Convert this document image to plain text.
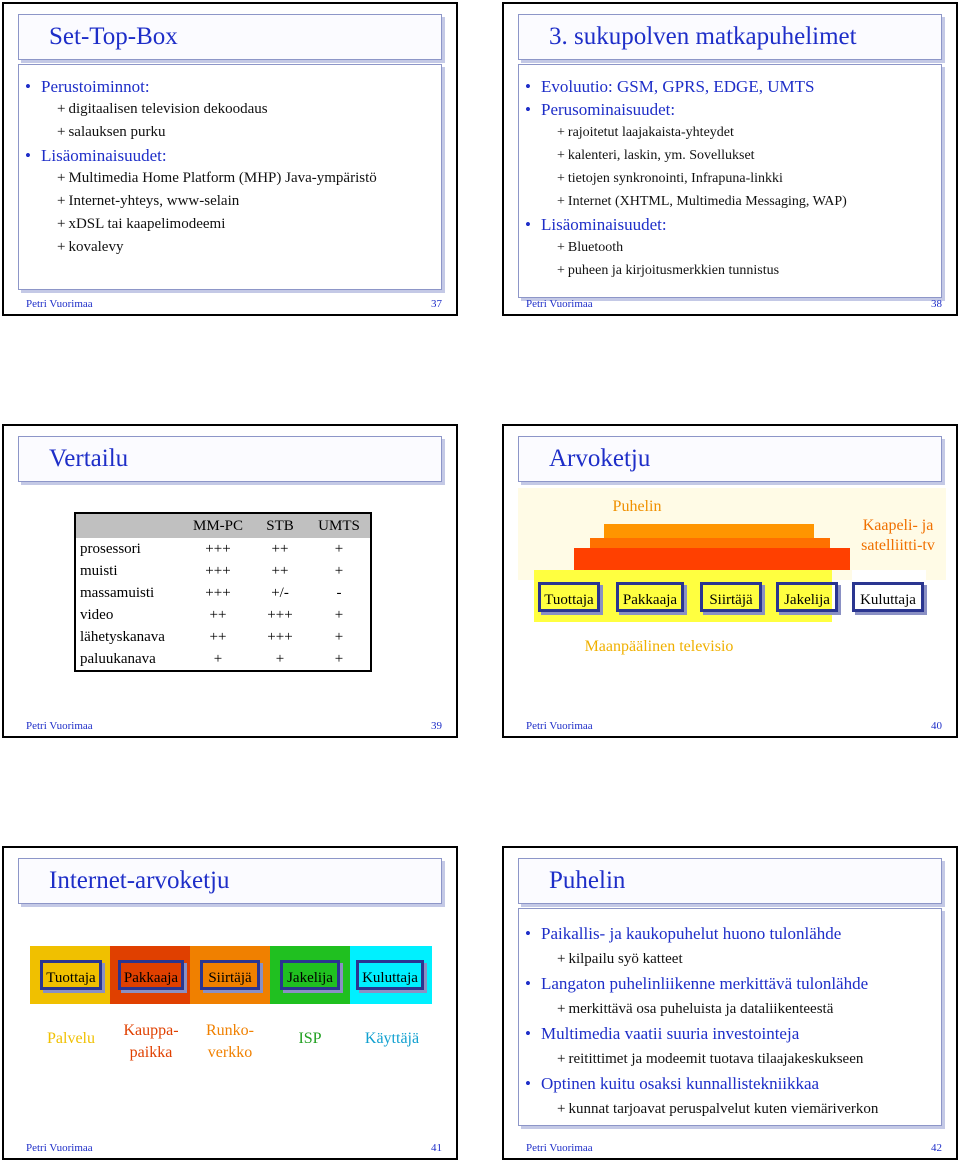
Set-Top-Box
• Perustoiminnot:
+ digitaalisen television dekoodaus
+ salauksen purku
• Lisäominaisuudet:
+ Multimedia Home Platform (MHP) Java-ympäristö
+ Internet-yhteys, www-selain
+ xDSL tai kaapelimodeemi
+ kovalevy
Petri Vuorimaa	37
3. sukupolven matkapuhelimet
• Evoluutio: GSM, GPRS, EDGE, UMTS
• Perusominaisuudet:
+ rajoitetut laajakaista-yhteydet
+ kalenteri, laskin, ym. Sovellukset
+ tietojen synkronointi, Infrapuna-linkki
+ Internet (XHTML, Multimedia Messaging, WAP)
• Lisäominaisuudet:
+ Bluetooth
+ puheen ja kirjoitusmerkkien tunnistus
Petri Vuorimaa	38
Vertailu
	MM-PC	STB	UMTS
prosessori	+++	++	+
muisti	+++	++	+
massamuisti	+++	+/-	-
video	++	+++	+
lähetyskanava	++	+++	+
paluukanava	+	+	+
Petri Vuorimaa	39
Arvoketju
Puhelin
Kaapeli- ja satelliitti-tv
Tuottaja	Pakkaaja	Siirtäjä	Jakelija	Kuluttaja
Maanpäälinen televisio
Petri Vuorimaa	40
Internet-arvoketju
Tuottaja	Pakkaaja	Siirtäjä	Jakelija	Kuluttaja
Palvelu	Kauppa-paikka
Runko-verkko
ISP	Käyttäjä
Petri Vuorimaa	41
Puhelin
• Paikallis- ja kaukopuhelut huono tulonlähde
+ kilpailu syö katteet
• Langaton puhelinliikenne merkittävä tulonlähde
+ merkittävä osa puheluista ja dataliikenteestä
• Multimedia vaatii suuria investointeja
+ reitittimet ja modeemit tuotava tilaajakeskukseen
• Optinen kuitu osaksi kunnallistekniikkaa
+ kunnat tarjoavat peruspalvelut kuten viemäriverkon
Petri Vuorimaa	42
